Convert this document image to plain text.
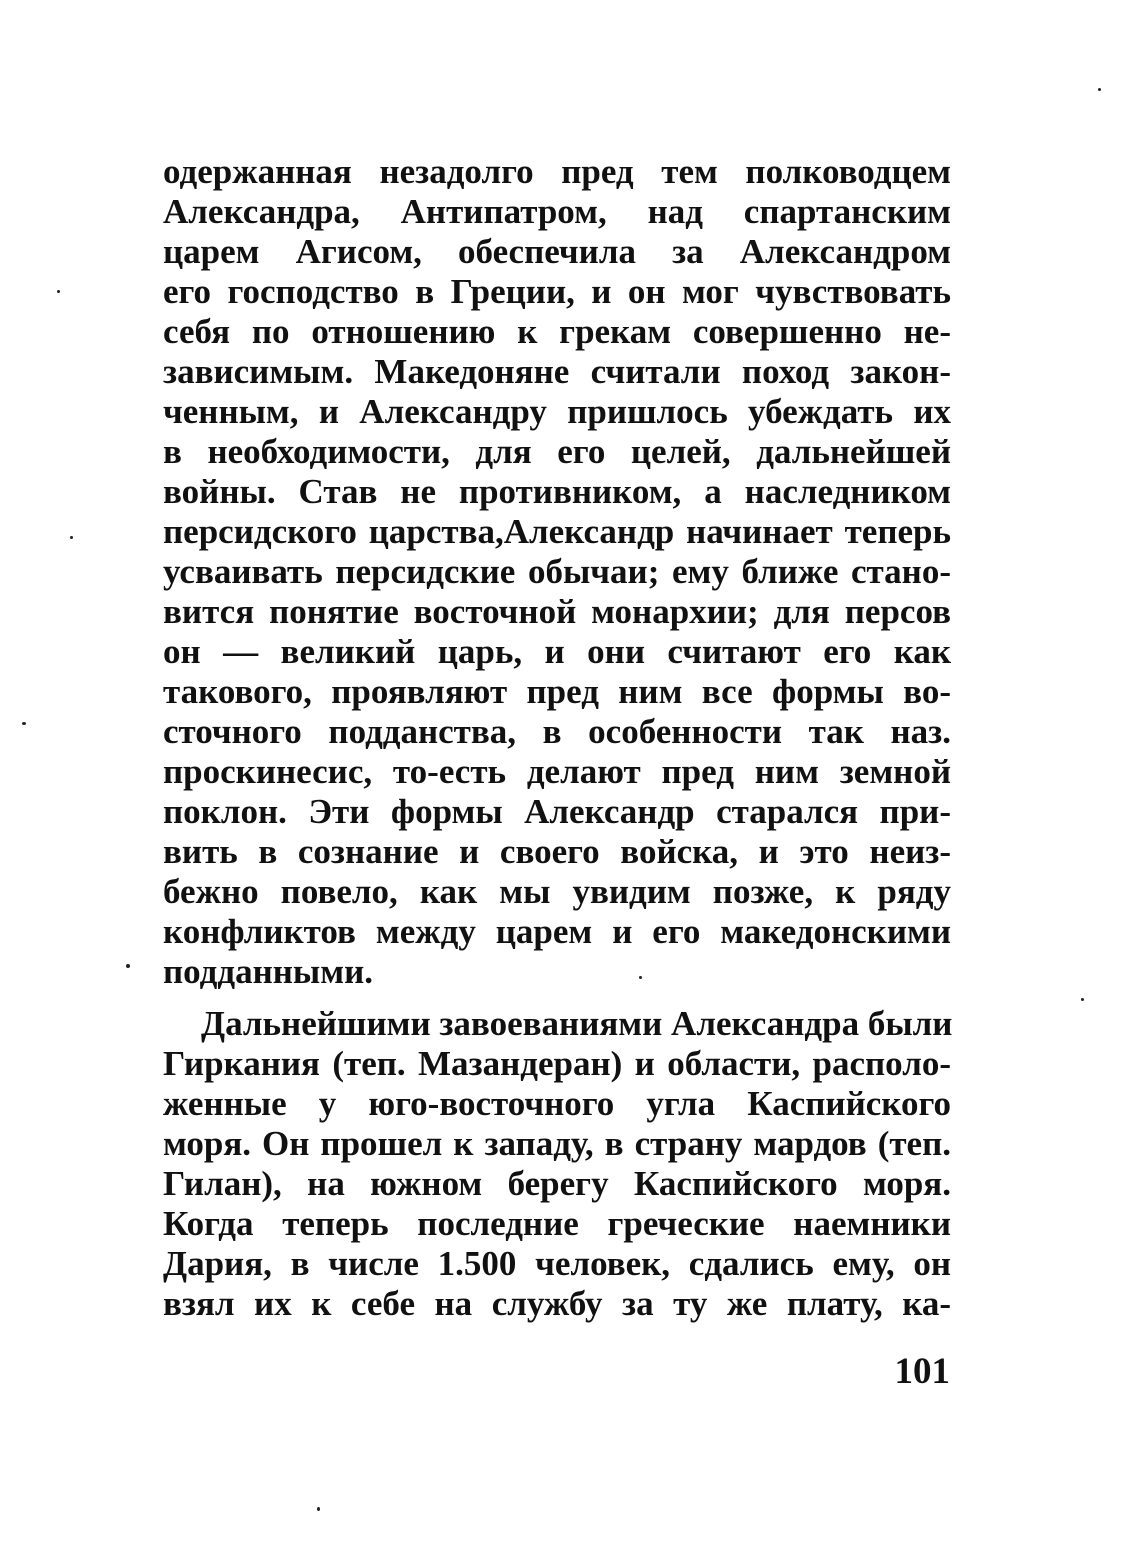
одержанная незадолго пред тем полководцем
Александра, Антипатром, над спартанским
царем Агисом, обеспечила за Александром
его господство в Греции, и он мог чувствовать
себя по отношению к грекам совершенно не-
зависимым. Македоняне считали поход закон-
ченным, и Александру пришлось убеждать их
в необходимости, для его целей, дальнейшей
войны. Став не противником, а наследником
персидского царства,Александр начинает теперь
усваивать персидские обычаи; ему ближе стано-
вится понятие восточной монархии; для персов
он — великий царь, и они считают его как
такового, проявляют пред ним все формы во-
сточного подданства, в особенности так наз.
проскинесис, то-есть делают пред ним земной
поклон. Эти формы Александр старался при-
вить в сознание и своего войска, и это неиз-
бежно повело, как мы увидим позже, к ряду
конфликтов между царем и его македонскими
подданными.
Дальнейшими завоеваниями Александра были
Гиркания (теп. Мазандеран) и области, располо-
женные у юго-восточного угла Каспийского
моря. Он прошел к западу, в страну мардов (теп.
Гилан), на южном берегу Каспийского моря.
Когда теперь последние греческие наемники
Дария, в числе 1.500 человек, сдались ему, он
взял их к себе на службу за ту же плату, ка-
101
